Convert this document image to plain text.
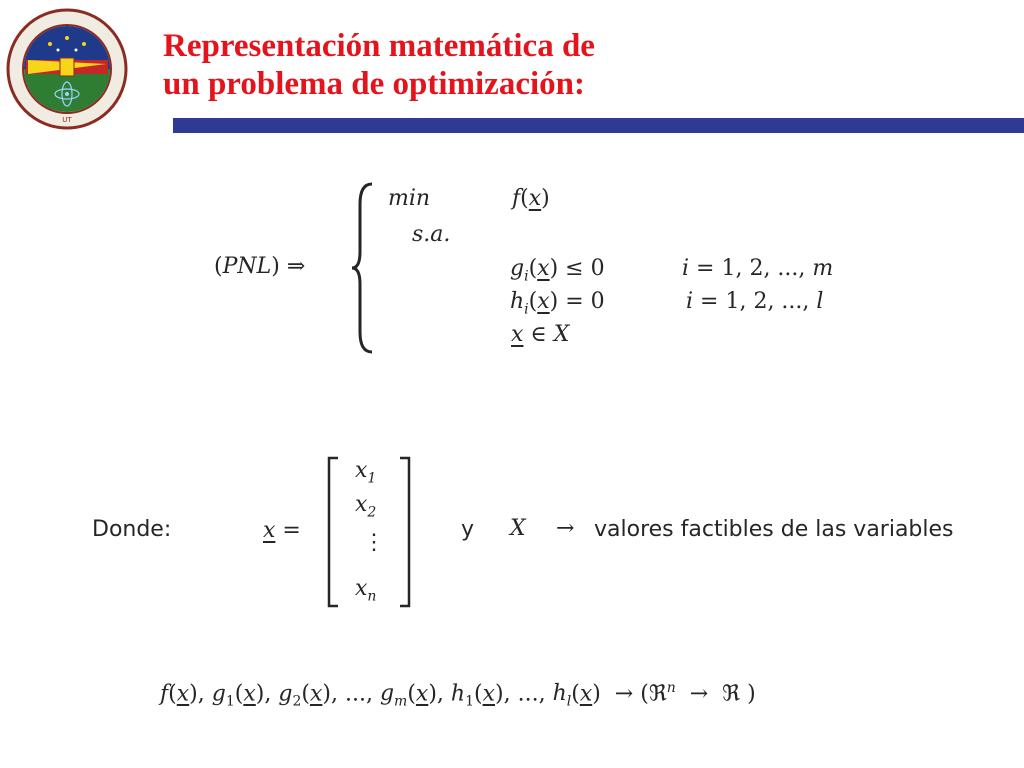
UT
Representación matemática de
un problema de optimización:
(PNL) ⇒
min	f(x)
s.a.
$g_i(x) \le 0$	i = 1, 2, ..., m
$h_i(x) = 0$	i = 1, 2, ..., l
x ∈ X
Donde:	x =
$x_1$
$x_2$
⋮
$x_n$
y X → valores factibles de las variables
f(x), $g_1(x)$, $g_2(x)$, ..., $g_m(x)$, $h_1(x)$, ..., $h_l(x)$  → (ℜ$^n$  →  ℜ )
